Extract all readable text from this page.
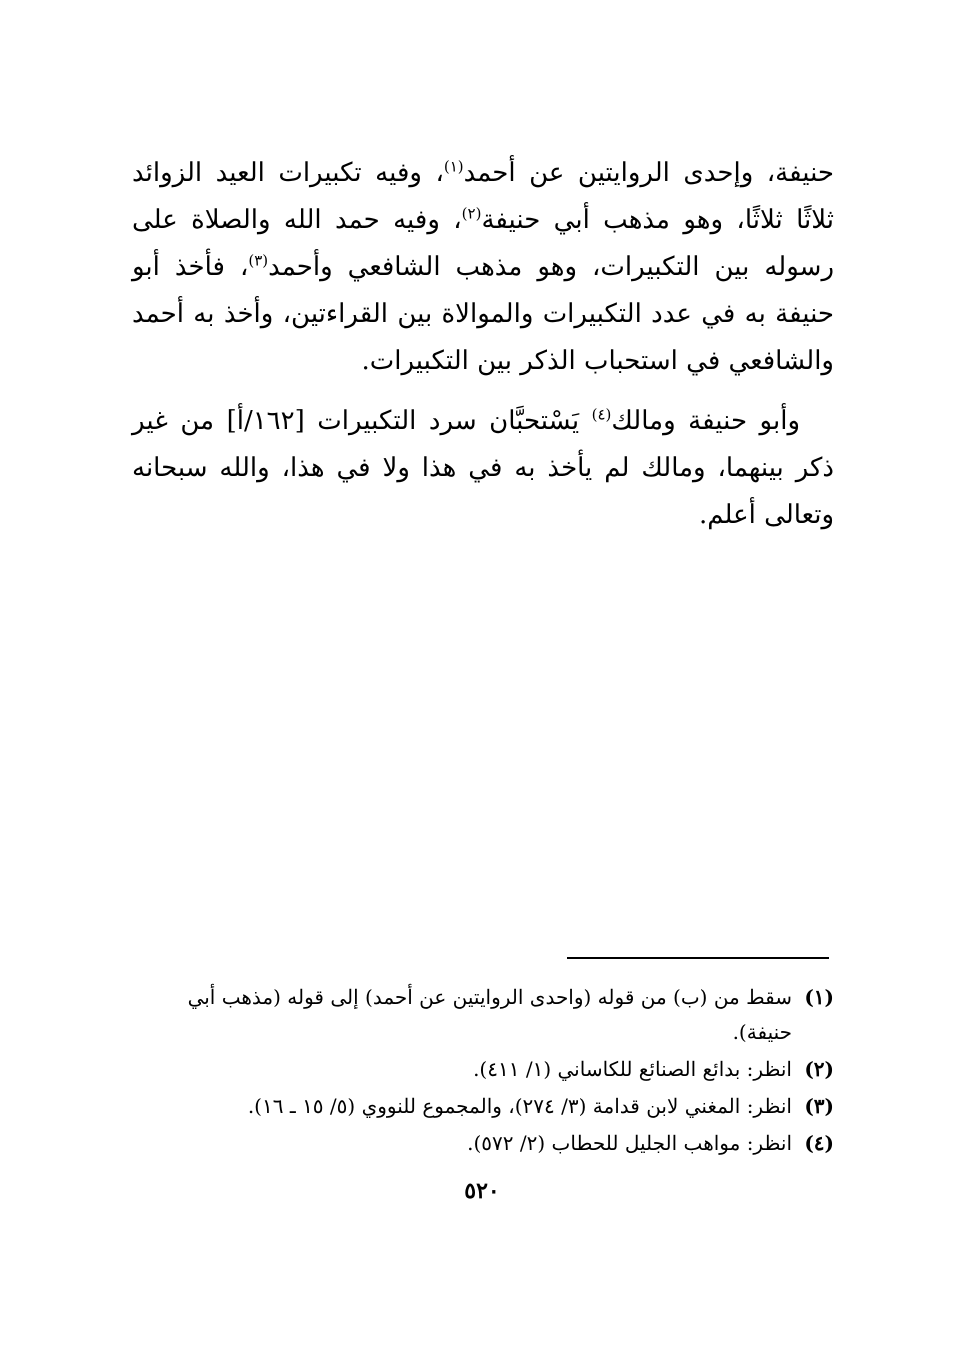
حنيفة، وإحدى الروايتين عن أحمد$^{(١)}$، وفيه تكبيرات العيد الزوائد ثلاثًا ثلاثًا، وهو مذهب أبي حنيفة$^{(٢)}$، وفيه حمد الله والصلاة على رسوله بين التكبيرات، وهو مذهب الشافعي وأحمد$^{(٣)}$، فأخذ أبو حنيفة به في عدد التكبيرات والموالاة بين القراءتين، وأخذ به أحمد والشافعي في استحباب الذكر بين التكبيرات.

وأبو حنيفة ومالك$^{(٤)}$ يَسْتحبَّان سرد التكبيرات [١٦٢/أ] من غير ذكر بينهما، ومالك لم يأخذ به في هذا ولا في هذا، والله سبحانه وتعالى أعلم.

(١)
سقط من (ب) من قوله (واحدى الروايتين عن أحمد) إلى قوله (مذهب أبي حنيفة).
(٢)
انظر: بدائع الصنائع للكاساني (١/ ٤١١).
(٣)
انظر: المغني لابن قدامة (٣/ ٢٧٤)، والمجموع للنووي (٥/ ١٥ ـ ١٦).
(٤)
انظر: مواهب الجليل للحطاب (٢/ ٥٧٢).
٥٢٠
